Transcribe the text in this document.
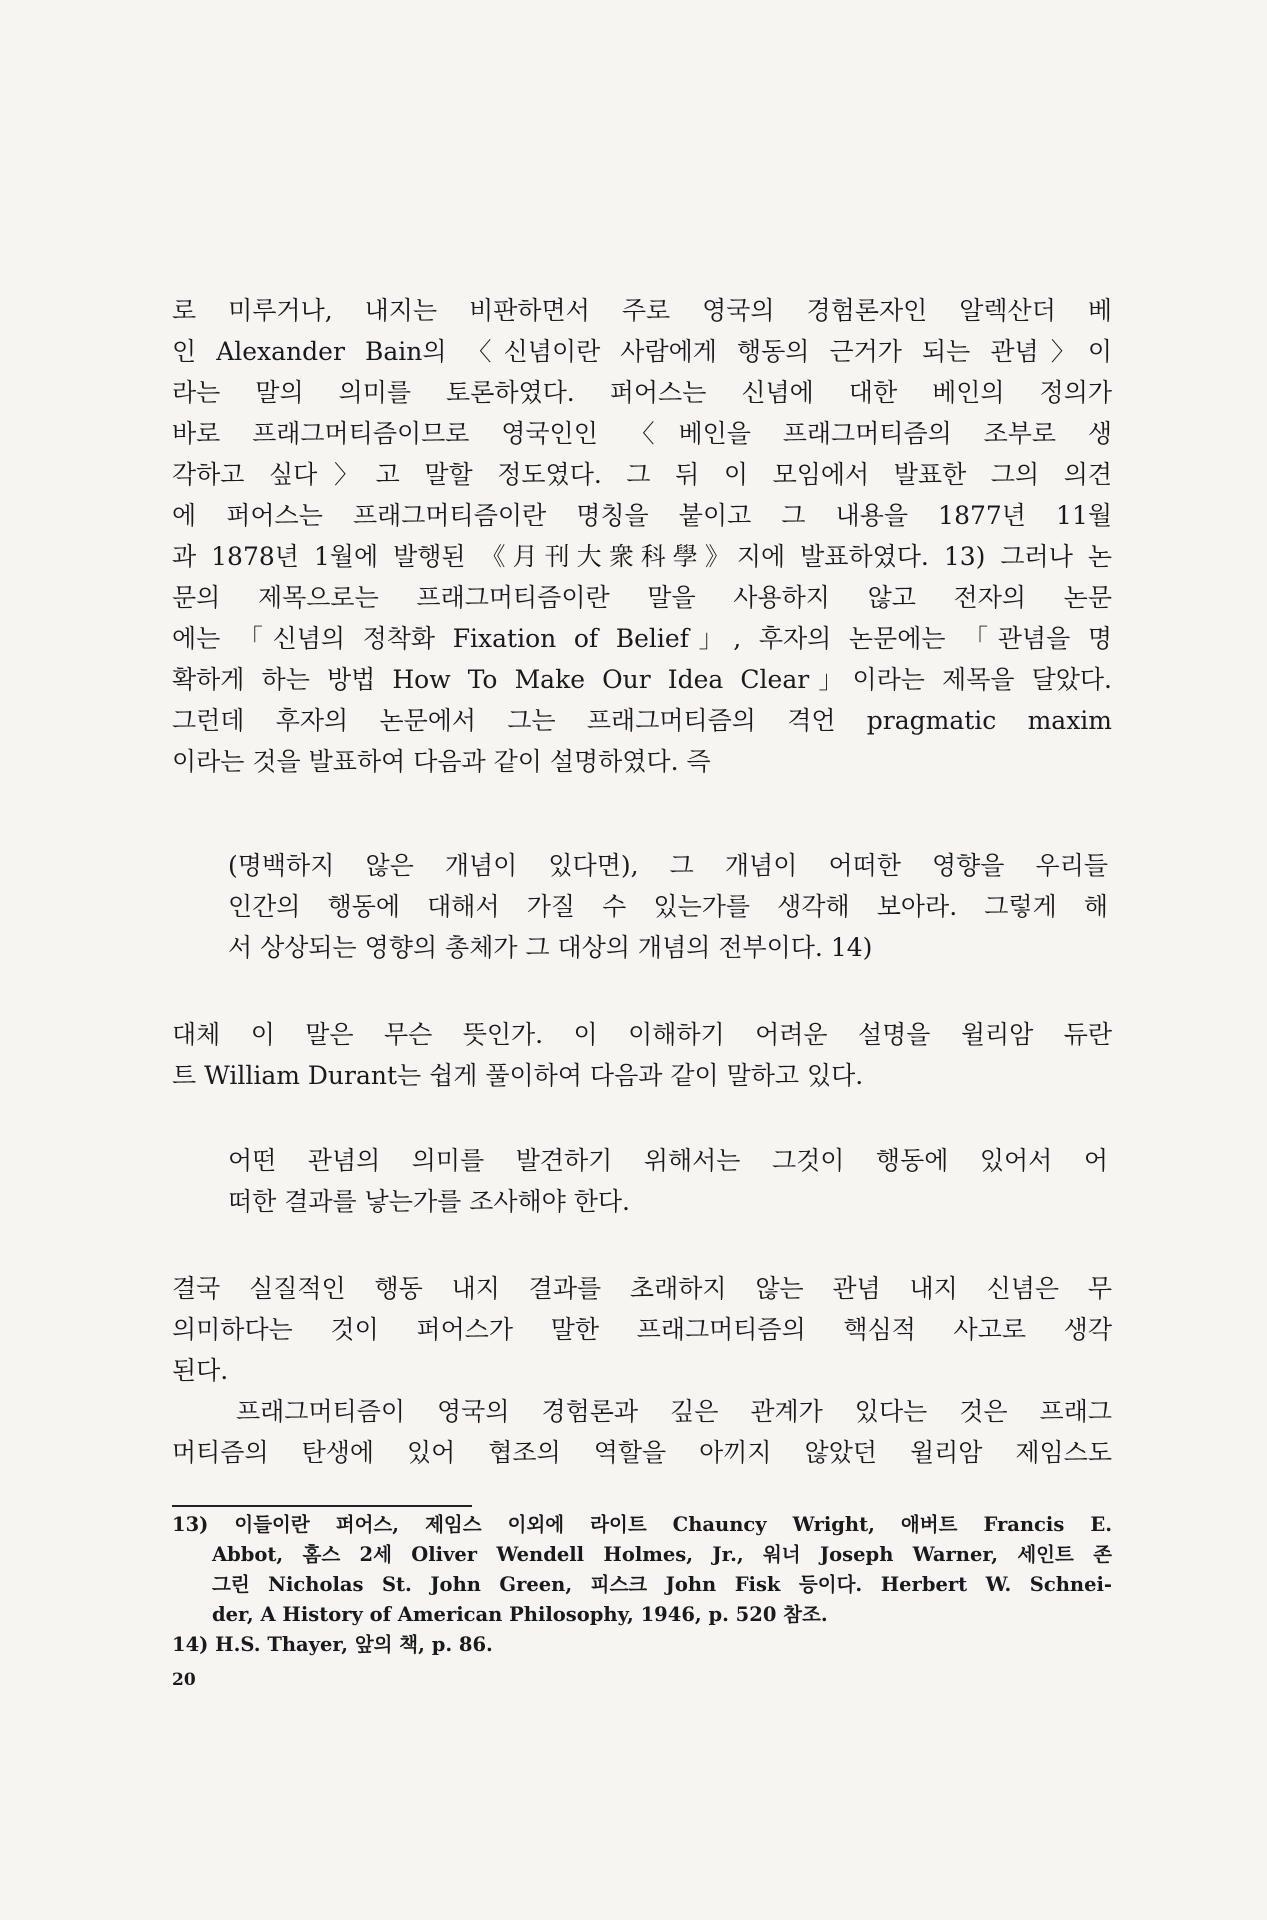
로 미루거나, 내지는 비판하면서 주로 영국의 경험론자인 알렉산더 베
인 Alexander Bain의 〈신념이란 사람에게 행동의 근거가 되는 관념〉이
라는 말의 의미를 토론하였다. 퍼어스는 신념에 대한 베인의 정의가
바로 프래그머티즘이므로 영국인인 〈베인을 프래그머티즘의 조부로 생
각하고 싶다〉고 말할 정도였다. 그 뒤 이 모임에서 발표한 그의 의견
에 퍼어스는 프래그머티즘이란 명칭을 붙이고 그 내용을 1877년 11월
과 1878년 1월에 발행된 《月刊大衆科學》지에 발표하였다. 13) 그러나 논
문의 제목으로는 프래그머티즘이란 말을 사용하지 않고 전자의 논문
에는 「신념의 정착화 Fixation of Belief」, 후자의 논문에는 「관념을 명
확하게 하는 방법 How To Make Our Idea Clear」이라는 제목을 달았다.
그런데 후자의 논문에서 그는 프래그머티즘의 격언 pragmatic maxim
이라는 것을 발표하여 다음과 같이 설명하였다. 즉
(명백하지 않은 개념이 있다면), 그 개념이 어떠한 영향을 우리들
인간의 행동에 대해서 가질 수 있는가를 생각해 보아라. 그렇게 해
서 상상되는 영향의 총체가 그 대상의 개념의 전부이다. 14)
대체 이 말은 무슨 뜻인가. 이 이해하기 어려운 설명을 윌리암 듀란
트 William Durant는 쉽게 풀이하여 다음과 같이 말하고 있다.
어떤 관념의 의미를 발견하기 위해서는 그것이 행동에 있어서 어
떠한 결과를 낳는가를 조사해야 한다.
결국 실질적인 행동 내지 결과를 초래하지 않는 관념 내지 신념은 무
의미하다는 것이 퍼어스가 말한 프래그머티즘의 핵심적 사고로 생각
된다.
프래그머티즘이 영국의 경험론과 깊은 관계가 있다는 것은 프래그
머티즘의 탄생에 있어 협조의 역할을 아끼지 않았던 윌리암 제임스도
13) 이들이란 퍼어스, 제임스 이외에 라이트 Chauncy Wright, 애버트 Francis E.
Abbot, 홈스 2세 Oliver Wendell Holmes, Jr., 워너 Joseph Warner, 세인트 존
그린 Nicholas St. John Green, 피스크 John Fisk 등이다. Herbert W. Schnei-
der, A History of American Philosophy, 1946, p. 520 참조.
14) H.S. Thayer, 앞의 책, p. 86.
20
